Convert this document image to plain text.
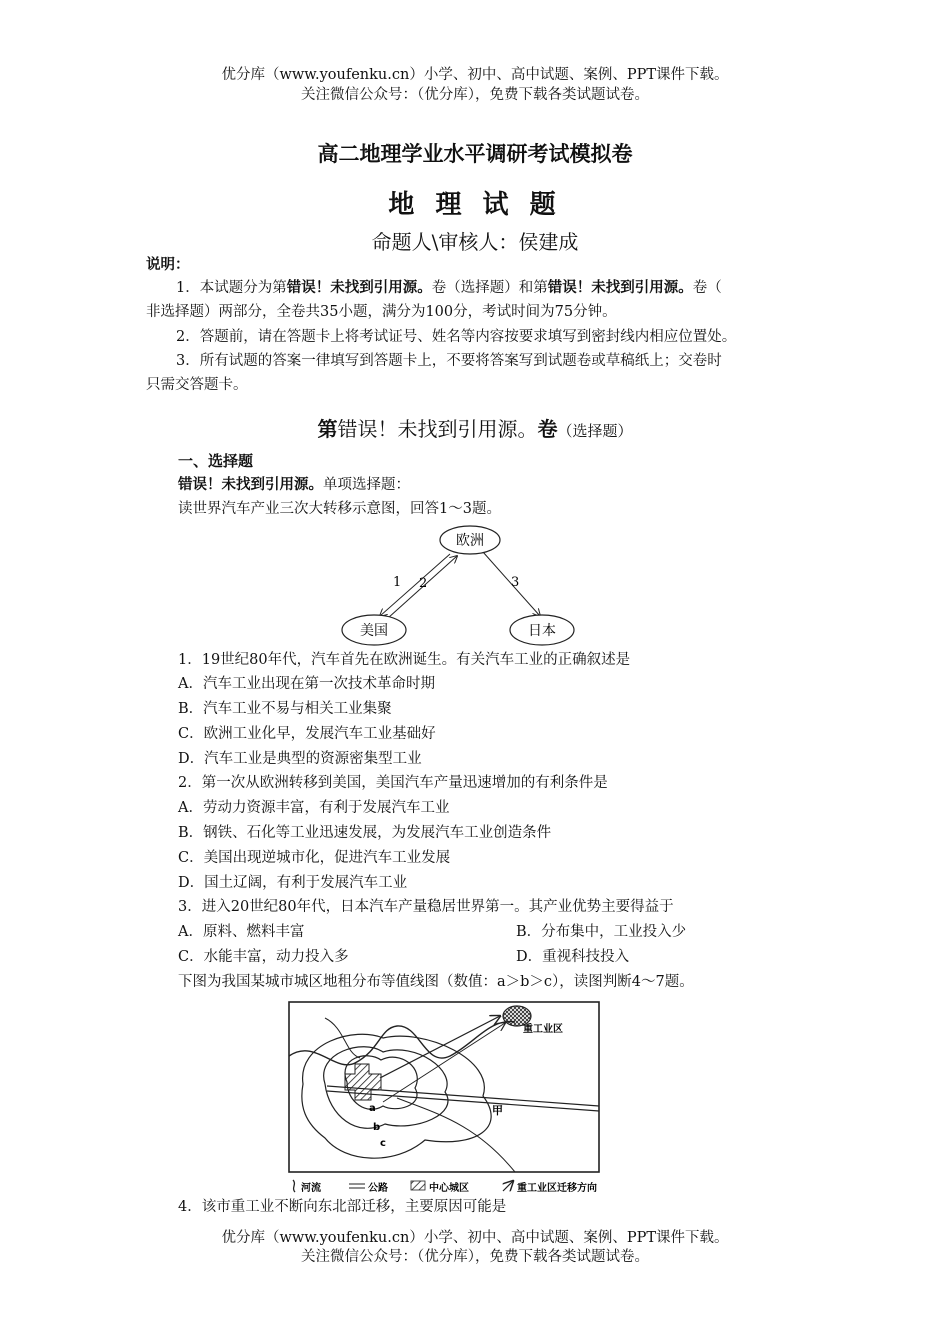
优分库（www.youfenku.cn）小学、初中、高中试题、案例、PPT课件下载。
关注微信公众号：（优分库），免费下载各类试题试卷。
高二地理学业水平调研考试模拟卷
地 理 试 题
命题人\审核人：侯建成
说明：
1．本试题分为第错误！未找到引用源。卷（选择题）和第错误！未找到引用源。卷（
非选择题）两部分，全卷共35小题，满分为100分，考试时间为75分钟。
2．答题前，请在答题卡上将考试证号、姓名等内容按要求填写到密封线内相应位置处。
3．所有试题的答案一律填写到答题卡上，不要将答案写到试题卷或草稿纸上；交卷时
只需交答题卡。
第错误！未找到引用源。卷（选择题）
一、选择题
错误！未找到引用源。单项选择题：
读世界汽车产业三次大转移示意图，回答1～3题。
欧洲
美国	日本
1 2	3
1．19世纪80年代，汽车首先在欧洲诞生。有关汽车工业的正确叙述是
A．汽车工业出现在第一次技术革命时期
B．汽车工业不易与相关工业集聚
C．欧洲工业化早，发展汽车工业基础好
D．汽车工业是典型的资源密集型工业
2．第一次从欧洲转移到美国，美国汽车产量迅速增加的有利条件是
A．劳动力资源丰富，有利于发展汽车工业
B．钢铁、石化等工业迅速发展，为发展汽车工业创造条件
C．美国出现逆城市化，促进汽车工业发展
D．国土辽阔，有利于发展汽车工业
3．进入20世纪80年代，日本汽车产量稳居世界第一。其产业优势主要得益于
A．原料、燃料丰富	B．分布集中，工业投入少
C．水能丰富，动力投入多	D．重视科技投入
下图为我国某城市城区地租分布等值线图（数值：a＞b＞c），读图判断4～7题。
重工业区
a
b
c
甲
河流	公路	中心城区	重工业区迁移方向
4．该市重工业不断向东北部迁移，主要原因可能是
优分库（www.youfenku.cn）小学、初中、高中试题、案例、PPT课件下载。
关注微信公众号：（优分库），免费下载各类试题试卷。
